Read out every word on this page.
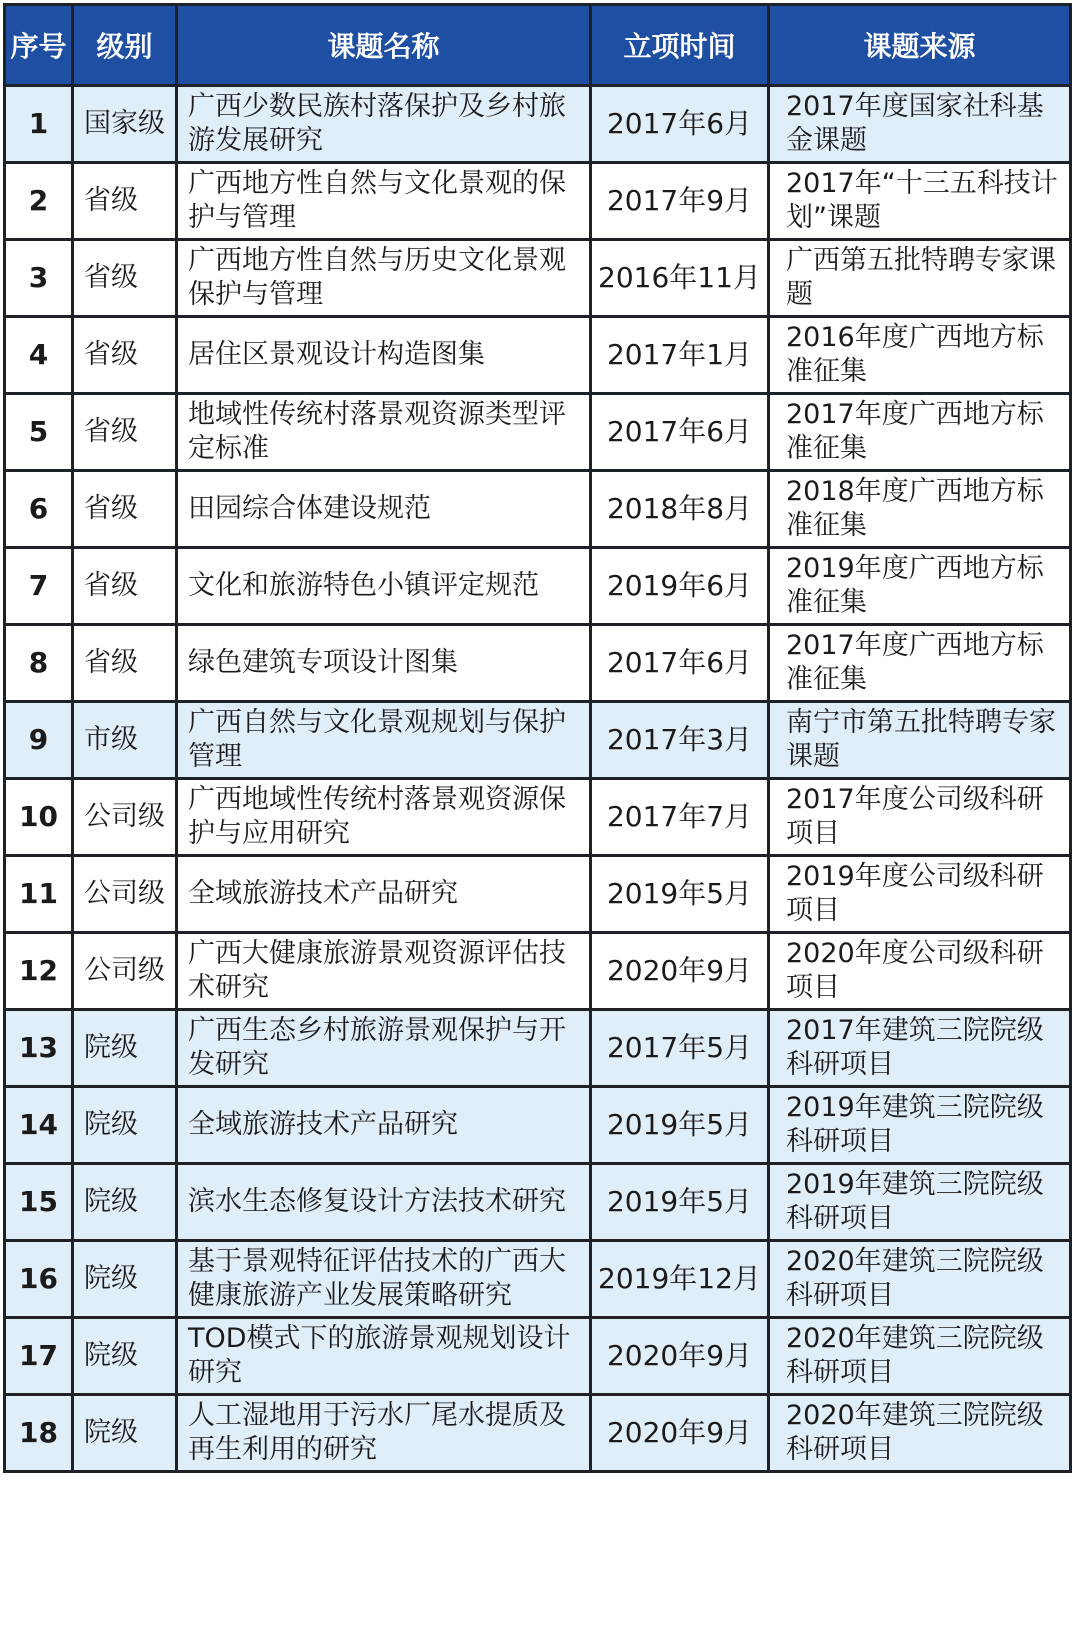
序号	级别	课题名称	立项时间	课题来源
1	国家级	广西少数民族村落保护及乡村旅游发展研究	2017年6月	2017年度国家社科基金课题
2	省级	广西地方性自然与文化景观的保护与管理	2017年9月	2017年“十三五科技计划”课题
3	省级	广西地方性自然与历史文化景观保护与管理	2016年11月	广西第五批特聘专家课题
4	省级	居住区景观设计构造图集	2017年1月	2016年度广西地方标准征集
5	省级	地域性传统村落景观资源类型评定标准	2017年6月	2017年度广西地方标准征集
6	省级	田园综合体建设规范	2018年8月	2018年度广西地方标准征集
7	省级	文化和旅游特色小镇评定规范	2019年6月	2019年度广西地方标准征集
8	省级	绿色建筑专项设计图集	2017年6月	2017年度广西地方标准征集
9	市级	广西自然与文化景观规划与保护管理	2017年3月	南宁市第五批特聘专家课题
10	公司级	广西地域性传统村落景观资源保护与应用研究	2017年7月	2017年度公司级科研项目
11	公司级	全域旅游技术产品研究	2019年5月	2019年度公司级科研项目
12	公司级	广西大健康旅游景观资源评估技术研究	2020年9月	2020年度公司级科研项目
13	院级	广西生态乡村旅游景观保护与开发研究	2017年5月	2017年建筑三院院级科研项目
14	院级	全域旅游技术产品研究	2019年5月	2019年建筑三院院级科研项目
15	院级	滨水生态修复设计方法技术研究	2019年5月	2019年建筑三院院级科研项目
16	院级	基于景观特征评估技术的广西大健康旅游产业发展策略研究	2019年12月	2020年建筑三院院级科研项目
17	院级	TOD模式下的旅游景观规划设计研究	2020年9月	2020年建筑三院院级科研项目
18	院级	人工湿地用于污水厂尾水提质及再生利用的研究	2020年9月	2020年建筑三院院级科研项目
